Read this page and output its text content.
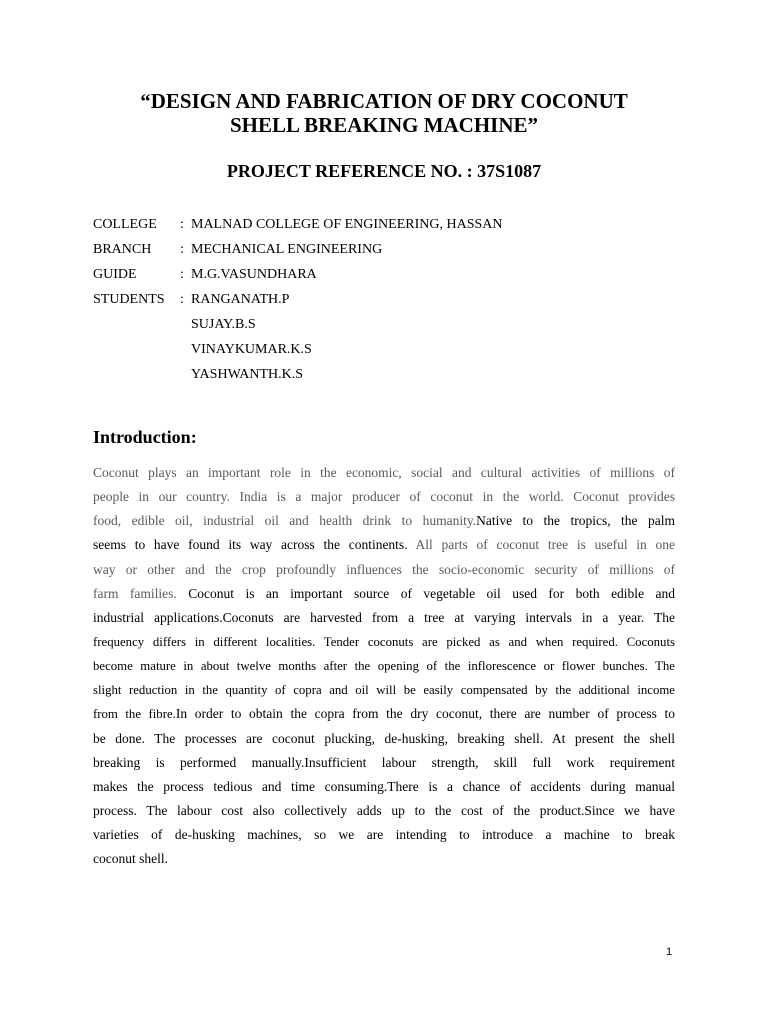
“DESIGN AND FABRICATION OF DRY COCONUT
SHELL BREAKING MACHINE”
PROJECT REFERENCE NO. : 37S1087
COLLEGE : MALNAD COLLEGE OF ENGINEERING, HASSAN
BRANCH : MECHANICAL ENGINEERING
GUIDE	: M.G.VASUNDHARA
STUDENTS : RANGANATH.P
SUJAY.B.S
VINAYKUMAR.K.S
YASHWANTH.K.S
Introduction:
Coconut plays an important role in the economic, social and cultural activities of millions of
people in our country. India is a major producer of coconut in the world. Coconut provides
food, edible oil, industrial oil and health drink to humanity.Native to the tropics, the palm
seems to have found its way across the continents. All parts of coconut tree is useful in one
way or other and the crop profoundly influences the socio-economic security of millions of
farm families. Coconut is an important source of vegetable oil used for both edible and
industrial applications.Coconuts are harvested from a tree at varying intervals in a year. The
frequency differs in different localities. Tender coconuts are picked as and when required. Coconuts
become mature in about twelve months after the opening of the inflorescence or flower bunches. The
slight reduction in the quantity of copra and oil will be easily compensated by the additional income
from the fibre.In order to obtain the copra from the dry coconut, there are number of process to
be done. The processes are coconut plucking, de-husking, breaking shell. At present the shell
breaking is performed manually.Insufficient labour strength, skill full work requirement
makes the process tedious and time consuming.There is a chance of accidents during manual
process. The labour cost also collectively adds up to the cost of the product.Since we have
varieties of de-husking machines, so we are intending to introduce a machine to break
coconut shell.
1
